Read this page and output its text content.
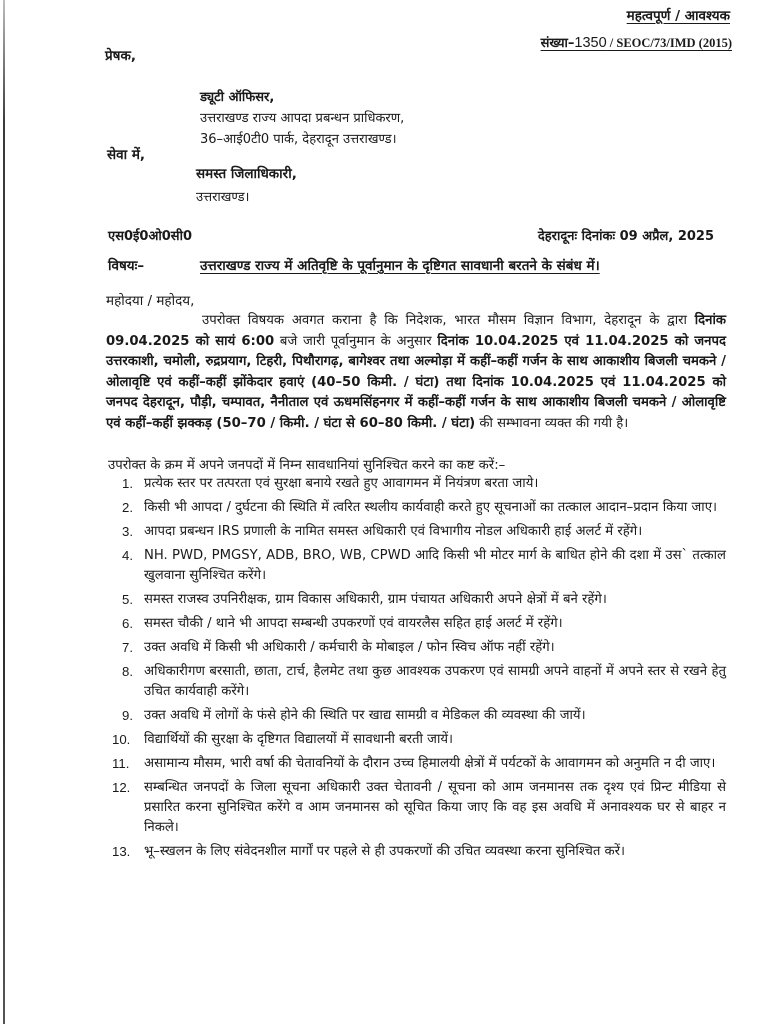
महत्वपूर्ण / आवश्यक
संख्या–1350 / SEOC/73/IMD (2015)
प्रेषक,
ड्यूटी ऑफिसर,
उत्तराखण्ड राज्य आपदा प्रबन्धन प्राधिकरण,
36–आई0टी0 पार्क, देहरादून उत्तराखण्ड।
सेवा में,
समस्त जिलाधिकारी,
उत्तराखण्ड।
एस0ई0ओ0सी0	देहरादूनः दिनांकः 09 अप्रैल, 2025
विषयः–	उत्तराखण्ड राज्य में अतिवृष्टि के पूर्वानुमान के दृष्टिगत सावधानी बरतने के संबंध में।
महोदया / महोदय,
उपरोक्त विषयक अवगत कराना है कि निदेशक, भारत मौसम विज्ञान विभाग, देहरादून के द्वारा दिनांक 09.04.2025 को सायं 6:00 बजे जारी पूर्वानुमान के अनुसार दिनांक 10.04.2025 एवं 11.04.2025 को जनपद उत्तरकाशी, चमोली, रुद्रप्रयाग, टिहरी, पिथौरागढ़, बागेश्वर तथा अल्मोड़ा में कहीं–कहीं गर्जन के साथ आकाशीय बिजली चमकने / ओलावृष्टि एवं कहीं–कहीं झोंकेदार हवाएं (40–50 किमी. / घंटा) तथा दिनांक 10.04.2025 एवं 11.04.2025 को जनपद देहरादून, पौड़ी, चम्पावत, नैनीताल एवं ऊधमसिंहनगर में कहीं–कहीं गर्जन के साथ आकाशीय बिजली चमकने / ओलावृष्टि एवं कहीं–कहीं झक्कड़ (50–70 / किमी. / घंटा से 60–80 किमी. / घंटा) की सम्भावना व्यक्त की गयी है।
उपरोक्त के क्रम में अपने जनपदों में निम्न सावधानियां सुनिश्चित करने का कष्ट करें:–
1. प्रत्येक स्तर पर तत्परता एवं सुरक्षा बनाये रखते हुए आवागमन में नियंत्रण बरता जाये।
2. किसी भी आपदा / दुर्घटना की स्थिति में त्वरित स्थलीय कार्यवाही करते हुए सूचनाओं का तत्काल आदान–प्रदान किया जाए।
3. आपदा प्रबन्धन IRS प्रणाली के नामित समस्त अधिकारी एवं विभागीय नोडल अधिकारी हाई अलर्ट में रहेंगे।
4. NH. PWD, PMGSY, ADB, BRO, WB, CPWD आदि किसी भी मोटर मार्ग के बाधित होने की दशा में उस` तत्काल खुलवाना सुनिश्चित करेंगे।
5. समस्त राजस्व उपनिरीक्षक, ग्राम विकास अधिकारी, ग्राम पंचायत अधिकारी अपने क्षेत्रों में बने रहेंगे।
6. समस्त चौकी / थाने भी आपदा सम्बन्धी उपकरणों एवं वायरलैस सहित हाई अलर्ट में रहेंगे।
7. उक्त अवधि में किसी भी अधिकारी / कर्मचारी के मोबाइल / फोन स्विच ऑफ नहीं रहेंगे।
8. अधिकारीगण बरसाती, छाता, टार्च, हैलमेट तथा कुछ आवश्यक उपकरण एवं सामग्री अपने वाहनों में अपने स्तर से रखने हेतु उचित कार्यवाही करेंगे।
9. उक्त अवधि में लोगों के फंसे होने की स्थिति पर खाद्य सामग्री व मेडिकल की व्यवस्था की जायें।
10. विद्यार्थियों की सुरक्षा के दृष्टिगत विद्यालयों में सावधानी बरती जायें।
11. असामान्य मौसम, भारी वर्षा की चेतावनियों के दौरान उच्च हिमालयी क्षेत्रों में पर्यटकों के आवागमन को अनुमति न दी जाए।
12. सम्बन्धित जनपदों के जिला सूचना अधिकारी उक्त चेतावनी / सूचना को आम जनमानस तक दृश्य एवं प्रिन्ट मीडिया से प्रसारित करना सुनिश्चित करेंगे व आम जनमानस को सूचित किया जाए कि वह इस अवधि में अनावश्यक घर से बाहर न निकले।
13. भू–स्खलन के लिए संवेदनशील मार्गों पर पहले से ही उपकरणों की उचित व्यवस्था करना सुनिश्चित करें।
